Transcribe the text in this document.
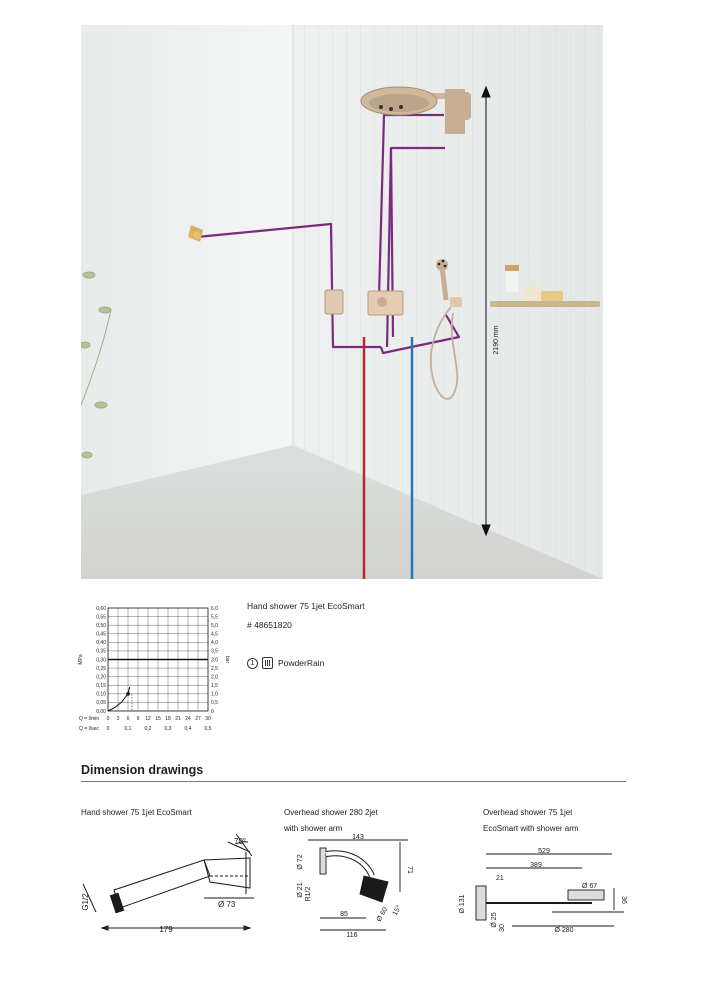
2190 mm
0,60
0,55
0,50
0,45
0,40
0,35
0,30
0,25
0,20
0,15
0,10
0,05
0,00
6,0
5,5
5,0
4,5
4,0
3,5
3,0
2,5
2,0
1,5
1,0
0,5
0
MPa	bar
Q = l/min 0 3 6 9 12 15 18 21 24 27 30
Q = l/sec 0	0,1	0,2	0,3	0,4	0,5
Hand shower 75 1jet EcoSmart
# 48651820
1	PowderRain
Dimension drawings
Hand shower 75 1jet EcoSmart	Overhead shower 280 2jet
with shower arm
Overhead shower 75 1jet
EcoSmart with shower arm
70°
G1/2	Ø 73
179
143
71
Ø 72
Ø 21 R1/2
85
116
Ø 60 15°
529
389
21
Ø 67
36
Ø 131
Ø 25
Ø 280
30
